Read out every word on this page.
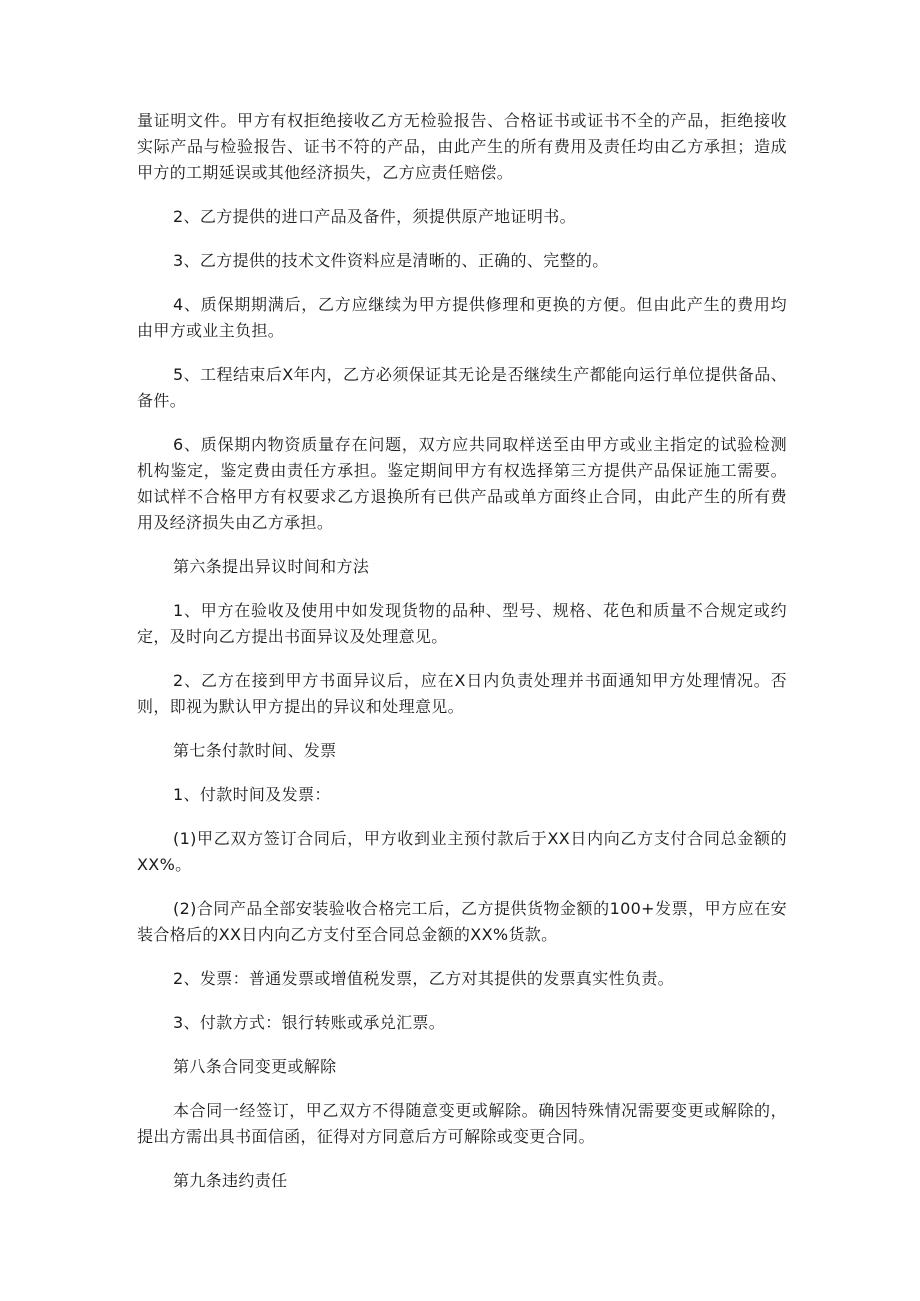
量证明文件。甲方有权拒绝接收乙方无检验报告、合格证书或证书不全的产品，拒绝接收实际产品与检验报告、证书不符的产品，由此产生的所有费用及责任均由乙方承担；造成甲方的工期延误或其他经济损失，乙方应责任赔偿。

2、乙方提供的进口产品及备件，须提供原产地证明书。

3、乙方提供的技术文件资料应是清晰的、正确的、完整的。

4、质保期期满后，乙方应继续为甲方提供修理和更换的方便。但由此产生的费用均由甲方或业主负担。

5、工程结束后X年内，乙方必须保证其无论是否继续生产都能向运行单位提供备品、备件。

6、质保期内物资质量存在问题，双方应共同取样送至由甲方或业主指定的试验检测机构鉴定，鉴定费由责任方承担。鉴定期间甲方有权选择第三方提供产品保证施工需要。如试样不合格甲方有权要求乙方退换所有已供产品或单方面终止合同，由此产生的所有费用及经济损失由乙方承担。

第六条提出异议时间和方法

1、甲方在验收及使用中如发现货物的品种、型号、规格、花色和质量不合规定或约定，及时向乙方提出书面异议及处理意见。

2、乙方在接到甲方书面异议后，应在X日内负责处理并书面通知甲方处理情况。否则，即视为默认甲方提出的异议和处理意见。

第七条付款时间、发票

1、付款时间及发票：

(1)甲乙双方签订合同后，甲方收到业主预付款后于XX日内向乙方支付合同总金额的XX%。

(2)合同产品全部安装验收合格完工后，乙方提供货物金额的100+发票，甲方应在安装合格后的XX日内向乙方支付至合同总金额的XX%货款。

2、发票：普通发票或增值税发票，乙方对其提供的发票真实性负责。

3、付款方式：银行转账或承兑汇票。

第八条合同变更或解除

本合同一经签订，甲乙双方不得随意变更或解除。确因特殊情况需要变更或解除的，提出方需出具书面信函，征得对方同意后方可解除或变更合同。

第九条违约责任
